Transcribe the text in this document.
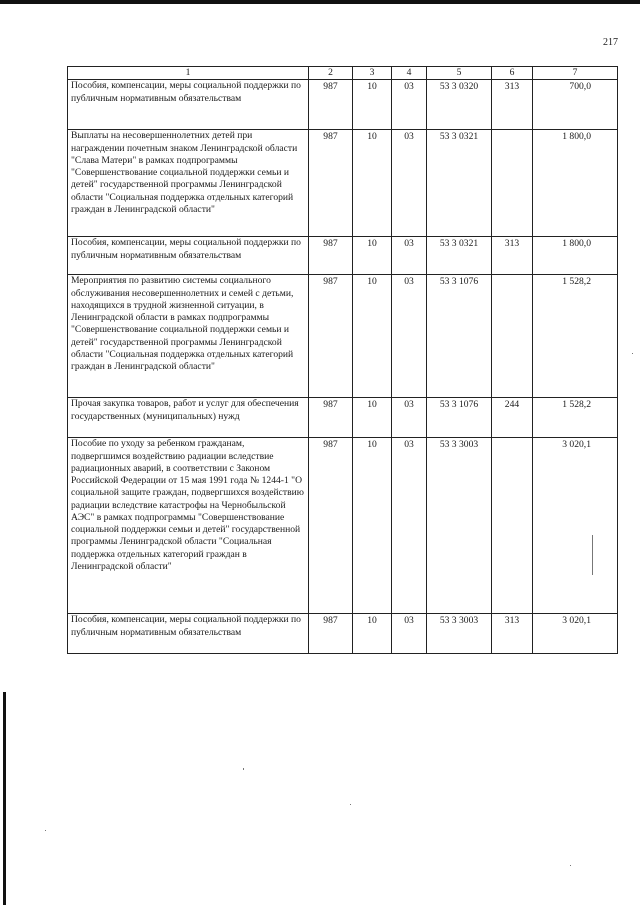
217
1	2	3	4	5	6	7
Пособия, компенсации, меры социальной поддержки по публичным нормативным обязательствам	987	10	03	53 3 0320	313	700,0
Выплаты на несовершеннолетних детей при награждении почетным знаком Ленинградской области "Слава Матери" в рамках подпрограммы "Совершенствование социальной поддержки семьи и детей" государственной программы Ленинградской области "Социальная поддержка отдельных категорий граждан в Ленинградской области"	987	10	03	53 3 0321		1 800,0
Пособия, компенсации, меры социальной поддержки по публичным нормативным обязательствам	987	10	03	53 3 0321	313	1 800,0
Мероприятия по развитию системы социального обслуживания несовершеннолетних и семей с детьми, находящихся в трудной жизненной ситуации, в Ленинградской области в рамках подпрограммы "Совершенствование социальной поддержки семьи и детей" государственной программы Ленинградской области "Социальная поддержка отдельных категорий граждан в Ленинградской области"	987	10	03	53 3 1076		1 528,2
Прочая закупка товаров, работ и услуг для обеспечения государственных (муниципальных) нужд	987	10	03	53 3 1076	244	1 528,2
Пособие по уходу за ребенком гражданам, подвергшимся воздействию радиации вследствие радиационных аварий, в соответствии с Законом Российской Федерации от 15 мая 1991 года № 1244-1 "О социальной защите граждан, подвергшихся воздействию радиации вследствие катастрофы на Чернобыльской АЭС" в рамках подпрограммы "Совершенствование социальной поддержки семьи и детей" государственной программы Ленинградской области "Социальная поддержка отдельных категорий граждан в Ленинградской области"	987	10	03	53 3 3003		3 020,1
Пособия, компенсации, меры социальной поддержки по публичным нормативным обязательствам	987	10	03	53 3 3003	313	3 020,1
